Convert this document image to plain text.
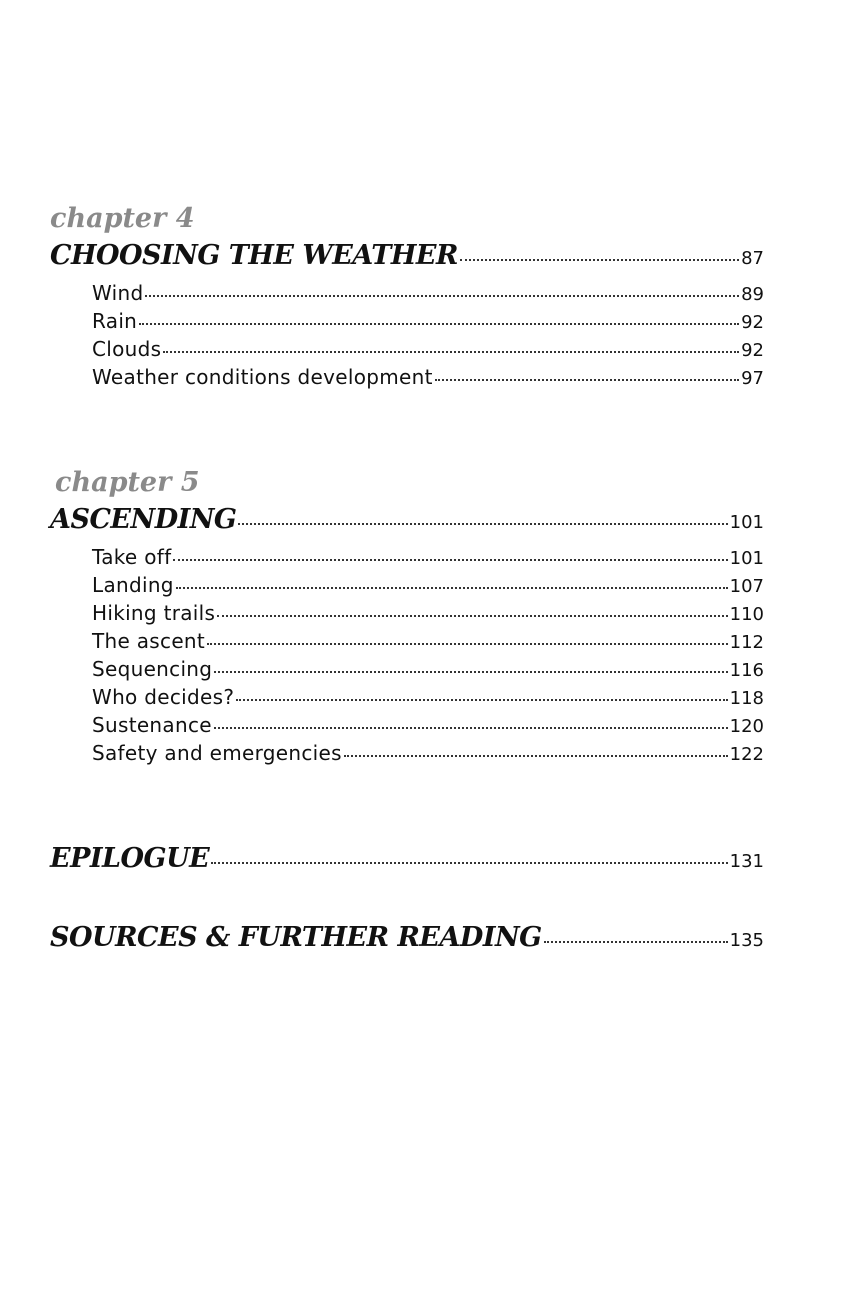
chapter 4
CHOOSING THE WEATHER	87
Wind	89
Rain	92
Clouds	92
Weather conditions development	97
chapter 5
ASCENDING	101
Take off	101
Landing	107
Hiking trails	110
The ascent	112
Sequencing	116
Who decides?	118
Sustenance	120
Safety and emergencies	122
EPILOGUE	131
SOURCES & FURTHER READING	135
